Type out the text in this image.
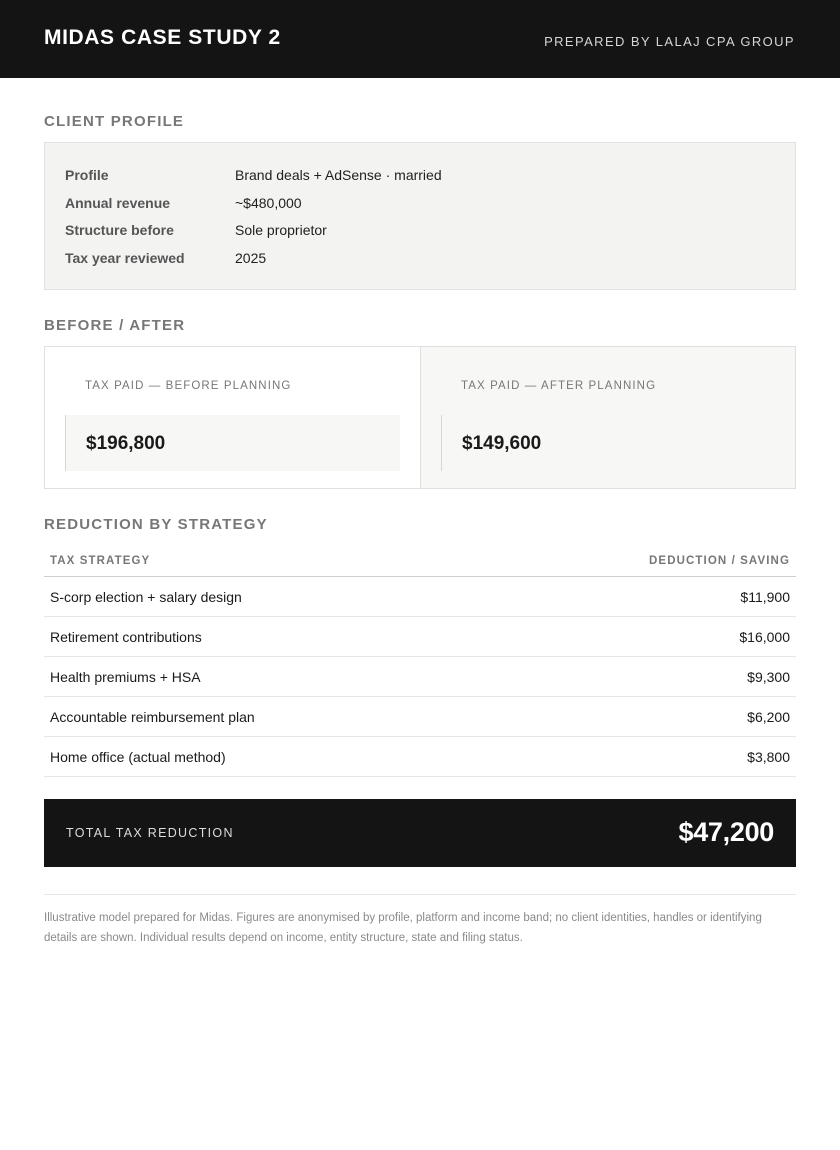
MIDAS CASE STUDY 2	PREPARED BY LALAJ CPA GROUP
CLIENT PROFILE
Profile	Brand deals + AdSense · married
Annual revenue	~$480,000
Structure before	Sole proprietor
Tax year reviewed	2025
BEFORE / AFTER
TAX PAID — BEFORE PLANNING
$196,800
TAX PAID — AFTER PLANNING
$149,600
REDUCTION BY STRATEGY
TAX STRATEGY	DEDUCTION / SAVING
S-corp election + salary design	$11,900
Retirement contributions	$16,000
Health premiums + HSA	$9,300
Accountable reimbursement plan	$6,200
Home office (actual method)	$3,800
TOTAL TAX REDUCTION	$47,200
Illustrative model prepared for Midas. Figures are anonymised by profile, platform and income band; no client identities, handles or identifying details are shown. Individual results depend on income, entity structure, state and filing status.
